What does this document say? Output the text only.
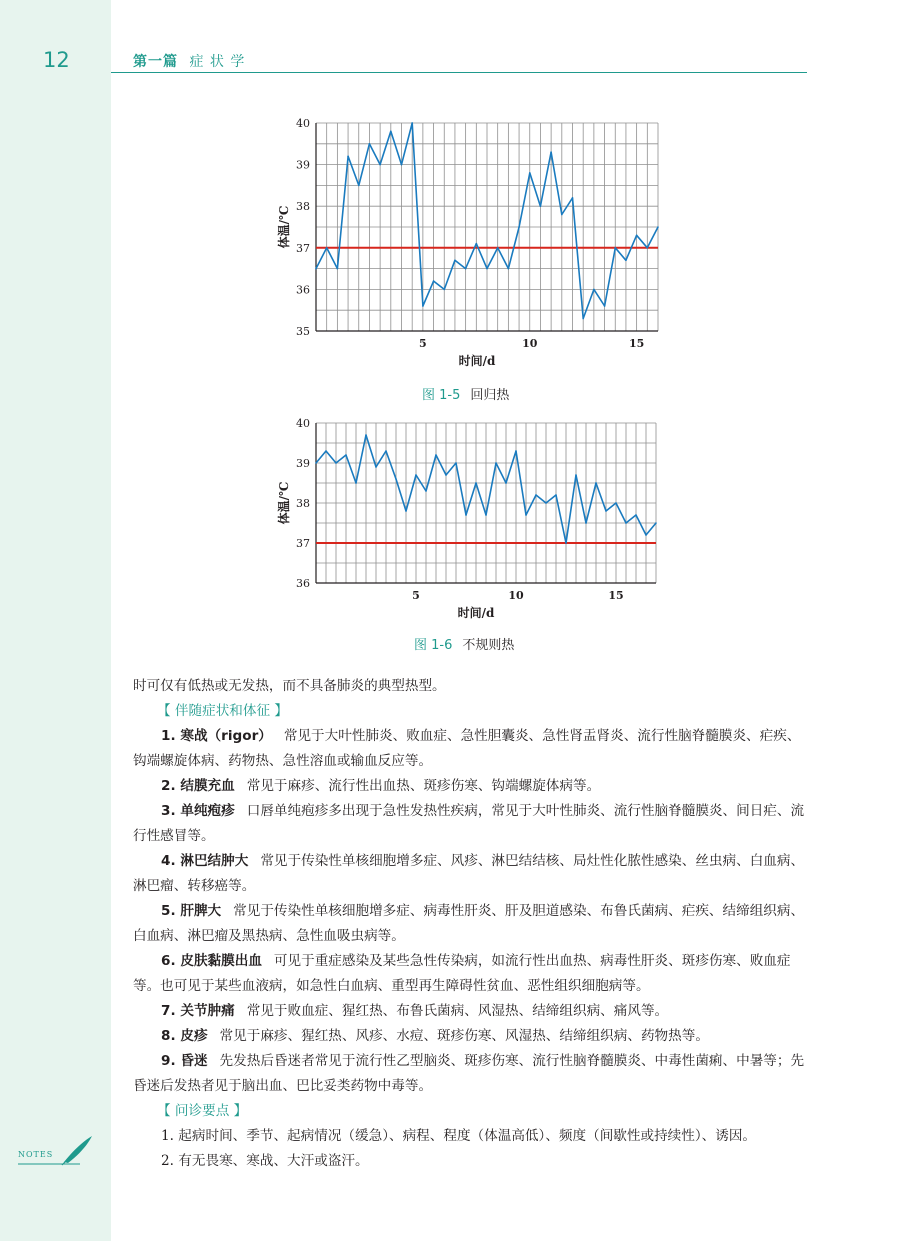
12	第一篇 症 状 学
35
36
37
38
39
40
5	10	15
时间/d
体温/℃
图 1-5 回归热
36
37
38
39
40
5	10	15
时间/d
体温/℃
图 1-6 不规则热

时可仅有低热或无发热，而不具备肺炎的典型热型。

【 伴随症状和体征 】

1. 寒战（rigor） 常见于大叶性肺炎、败血症、急性胆囊炎、急性肾盂肾炎、流行性脑脊髓膜炎、疟疾、钩端螺旋体病、药物热、急性溶血或输血反应等。

2. 结膜充血 常见于麻疹、流行性出血热、斑疹伤寒、钩端螺旋体病等。

3. 单纯疱疹 口唇单纯疱疹多出现于急性发热性疾病，常见于大叶性肺炎、流行性脑脊髓膜炎、间日疟、流行性感冒等。

4. 淋巴结肿大 常见于传染性单核细胞增多症、风疹、淋巴结结核、局灶性化脓性感染、丝虫病、白血病、淋巴瘤、转移癌等。

5. 肝脾大 常见于传染性单核细胞增多症、病毒性肝炎、肝及胆道感染、布鲁氏菌病、疟疾、结缔组织病、白血病、淋巴瘤及黑热病、急性血吸虫病等。

6. 皮肤黏膜出血 可见于重症感染及某些急性传染病，如流行性出血热、病毒性肝炎、斑疹伤寒、败血症等。也可见于某些血液病，如急性白血病、重型再生障碍性贫血、恶性组织细胞病等。

7. 关节肿痛 常见于败血症、猩红热、布鲁氏菌病、风湿热、结缔组织病、痛风等。

8. 皮疹 常见于麻疹、猩红热、风疹、水痘、斑疹伤寒、风湿热、结缔组织病、药物热等。

9. 昏迷 先发热后昏迷者常见于流行性乙型脑炎、斑疹伤寒、流行性脑脊髓膜炎、中毒性菌痢、中暑等；先昏迷后发热者见于脑出血、巴比妥类药物中毒等。

【 问诊要点 】

1. 起病时间、季节、起病情况（缓急）、病程、程度（体温高低）、频度（间歇性或持续性）、诱因。

2. 有无畏寒、寒战、大汗或盗汗。

NOTES
